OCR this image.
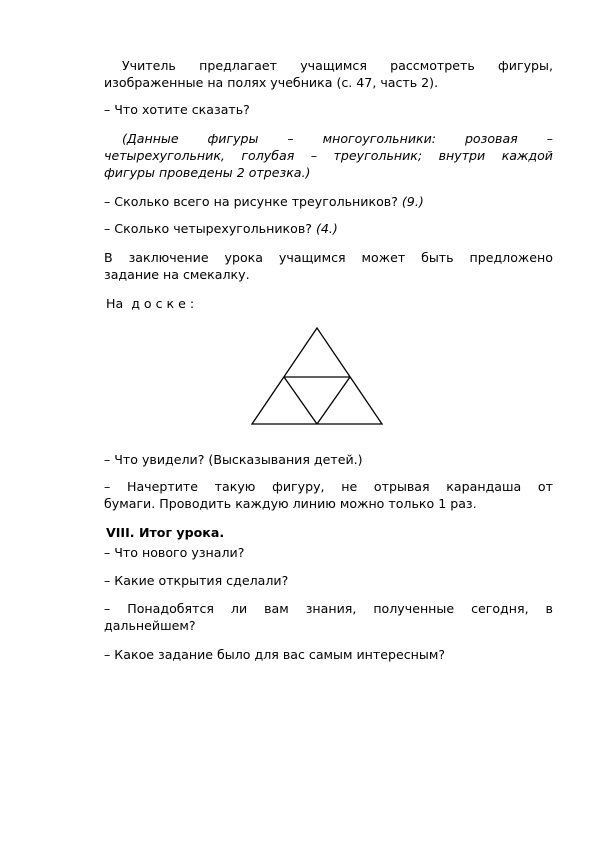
Учитель предлагает учащимся рассмотреть фигуры,
изображенные на полях учебника (с. 47, часть 2).
– Что хотите сказать?
(Данные фигуры – многоугольники: розовая –
четырехугольник, голубая – треугольник; внутри каждой
фигуры проведены 2 отрезка.)
– Сколько всего на рисунке треугольников? (9.)
– Сколько четырехугольников? (4.)
В заключение урока учащимся может быть предложено
задание на смекалку.
На доске:
– Что увидели? (Высказывания детей.)
– Начертите такую фигуру, не отрывая карандаша от
бумаги. Проводить каждую линию можно только 1 раз.
VIII. Итог урока.
– Что нового узнали?
– Какие открытия сделали?
– Понадобятся ли вам знания, полученные сегодня, в
дальнейшем?
– Какое задание было для вас самым интересным?
